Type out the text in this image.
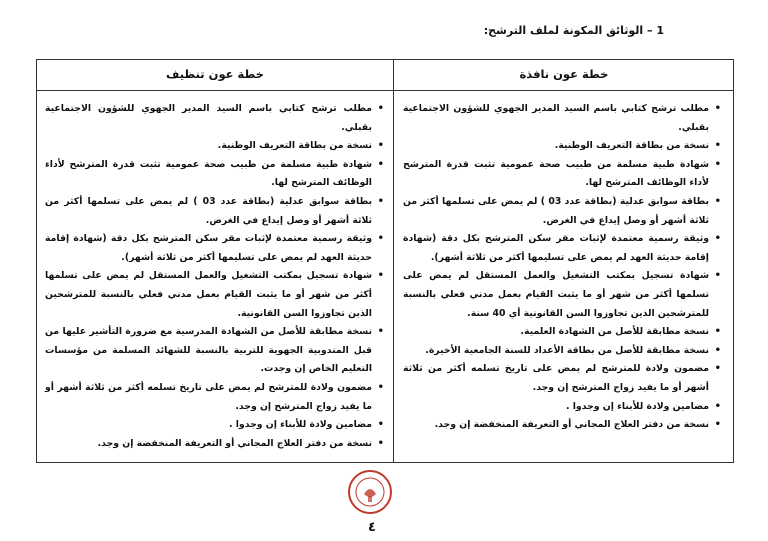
1 – الوثائق المكونة لملف الترشح:
خطة عون تنظيف	خطة عون نافذة
• مطلب ترشح كتابي باسم السيد المدير الجهوي للشؤون الاجتماعية بقبلي.
• نسخة من بطاقة التعريف الوطنية.
• شهادة طبية مسلمة من طبيب صحة عمومية تثبت قدرة المترشح لأداء الوظائف المترشح لها.
• بطاقة سوابق عدلية (بطاقة عدد 03 ) لم يمض على تسلمها أكثر من ثلاثة أشهر أو وصل إيداع في الغرض.
• وثيقة رسمية معتمدة لإثبات مقر سكن المترشح بكل دقة (شهادة إقامة حديثة العهد لم يمض على تسليمها أكثر من ثلاثة أشهر).
• شهادة تسجيل بمكتب التشغيل والعمل المستقل لم يمض على تسلمها أكثر من شهر أو ما يثبت القيام بعمل مدني فعلي بالنسبة للمترشحين الذين تجاوزوا السن القانونية أي 40 سنة.
• نسخة مطابقة للأصل من الشهادة العلمية.
• نسخة مطابقة للأصل من بطاقة الأعداد للسنة الجامعية الأخيرة.
• مضمون ولادة للمترشح لم يمض على تاريخ تسلمه أكثر من ثلاثة أشهر أو ما يفيد زواج المترشح إن وجد.
• مضامين ولادة للأبناء إن وجدوا .
• نسخة من دفتر العلاج المجاني أو التعريفة المنخفضة إن وجد.
• مطلب ترشح كتابي باسم السيد المدير الجهوي للشؤون الاجتماعية بقبلي.
• نسخة من بطاقة التعريف الوطنية.
• شهادة طبية مسلمة من طبيب صحة عمومية تثبت قدرة المترشح لأداء الوظائف المترشح لها.
• بطاقة سوابق عدلية (بطاقة عدد 03 ) لم يمض على تسلمها أكثر من ثلاثة أشهر أو وصل إيداع في الغرض.
• وثيقة رسمية معتمدة لإثبات مقر سكن المترشح بكل دقة (شهادة إقامة حديثة العهد لم يمض على تسليمها أكثر من ثلاثة أشهر).
• شهادة تسجيل بمكتب التشغيل والعمل المستقل لم يمض على تسلمها أكثر من شهر أو ما يثبت القيام بعمل مدني فعلي بالنسبة للمترشحين الذين تجاوزوا السن القانونية.
• نسخة مطابقة للأصل من الشهادة المدرسية مع ضرورة التأشير عليها من قبل المندوبية الجهوية للتربية بالنسبة للشهائد المسلمة من مؤسسات التعليم الخاص إن وجدت.
• مضمون ولادة للمترشح لم يمض على تاريخ تسلمه أكثر من ثلاثة أشهر أو ما يفيد زواج المترشح إن وجد.
• مضامين ولادة للأبناء إن وجدوا .
• نسخة من دفتر العلاج المجاني أو التعريفة المنخفضة إن وجد.
٤
